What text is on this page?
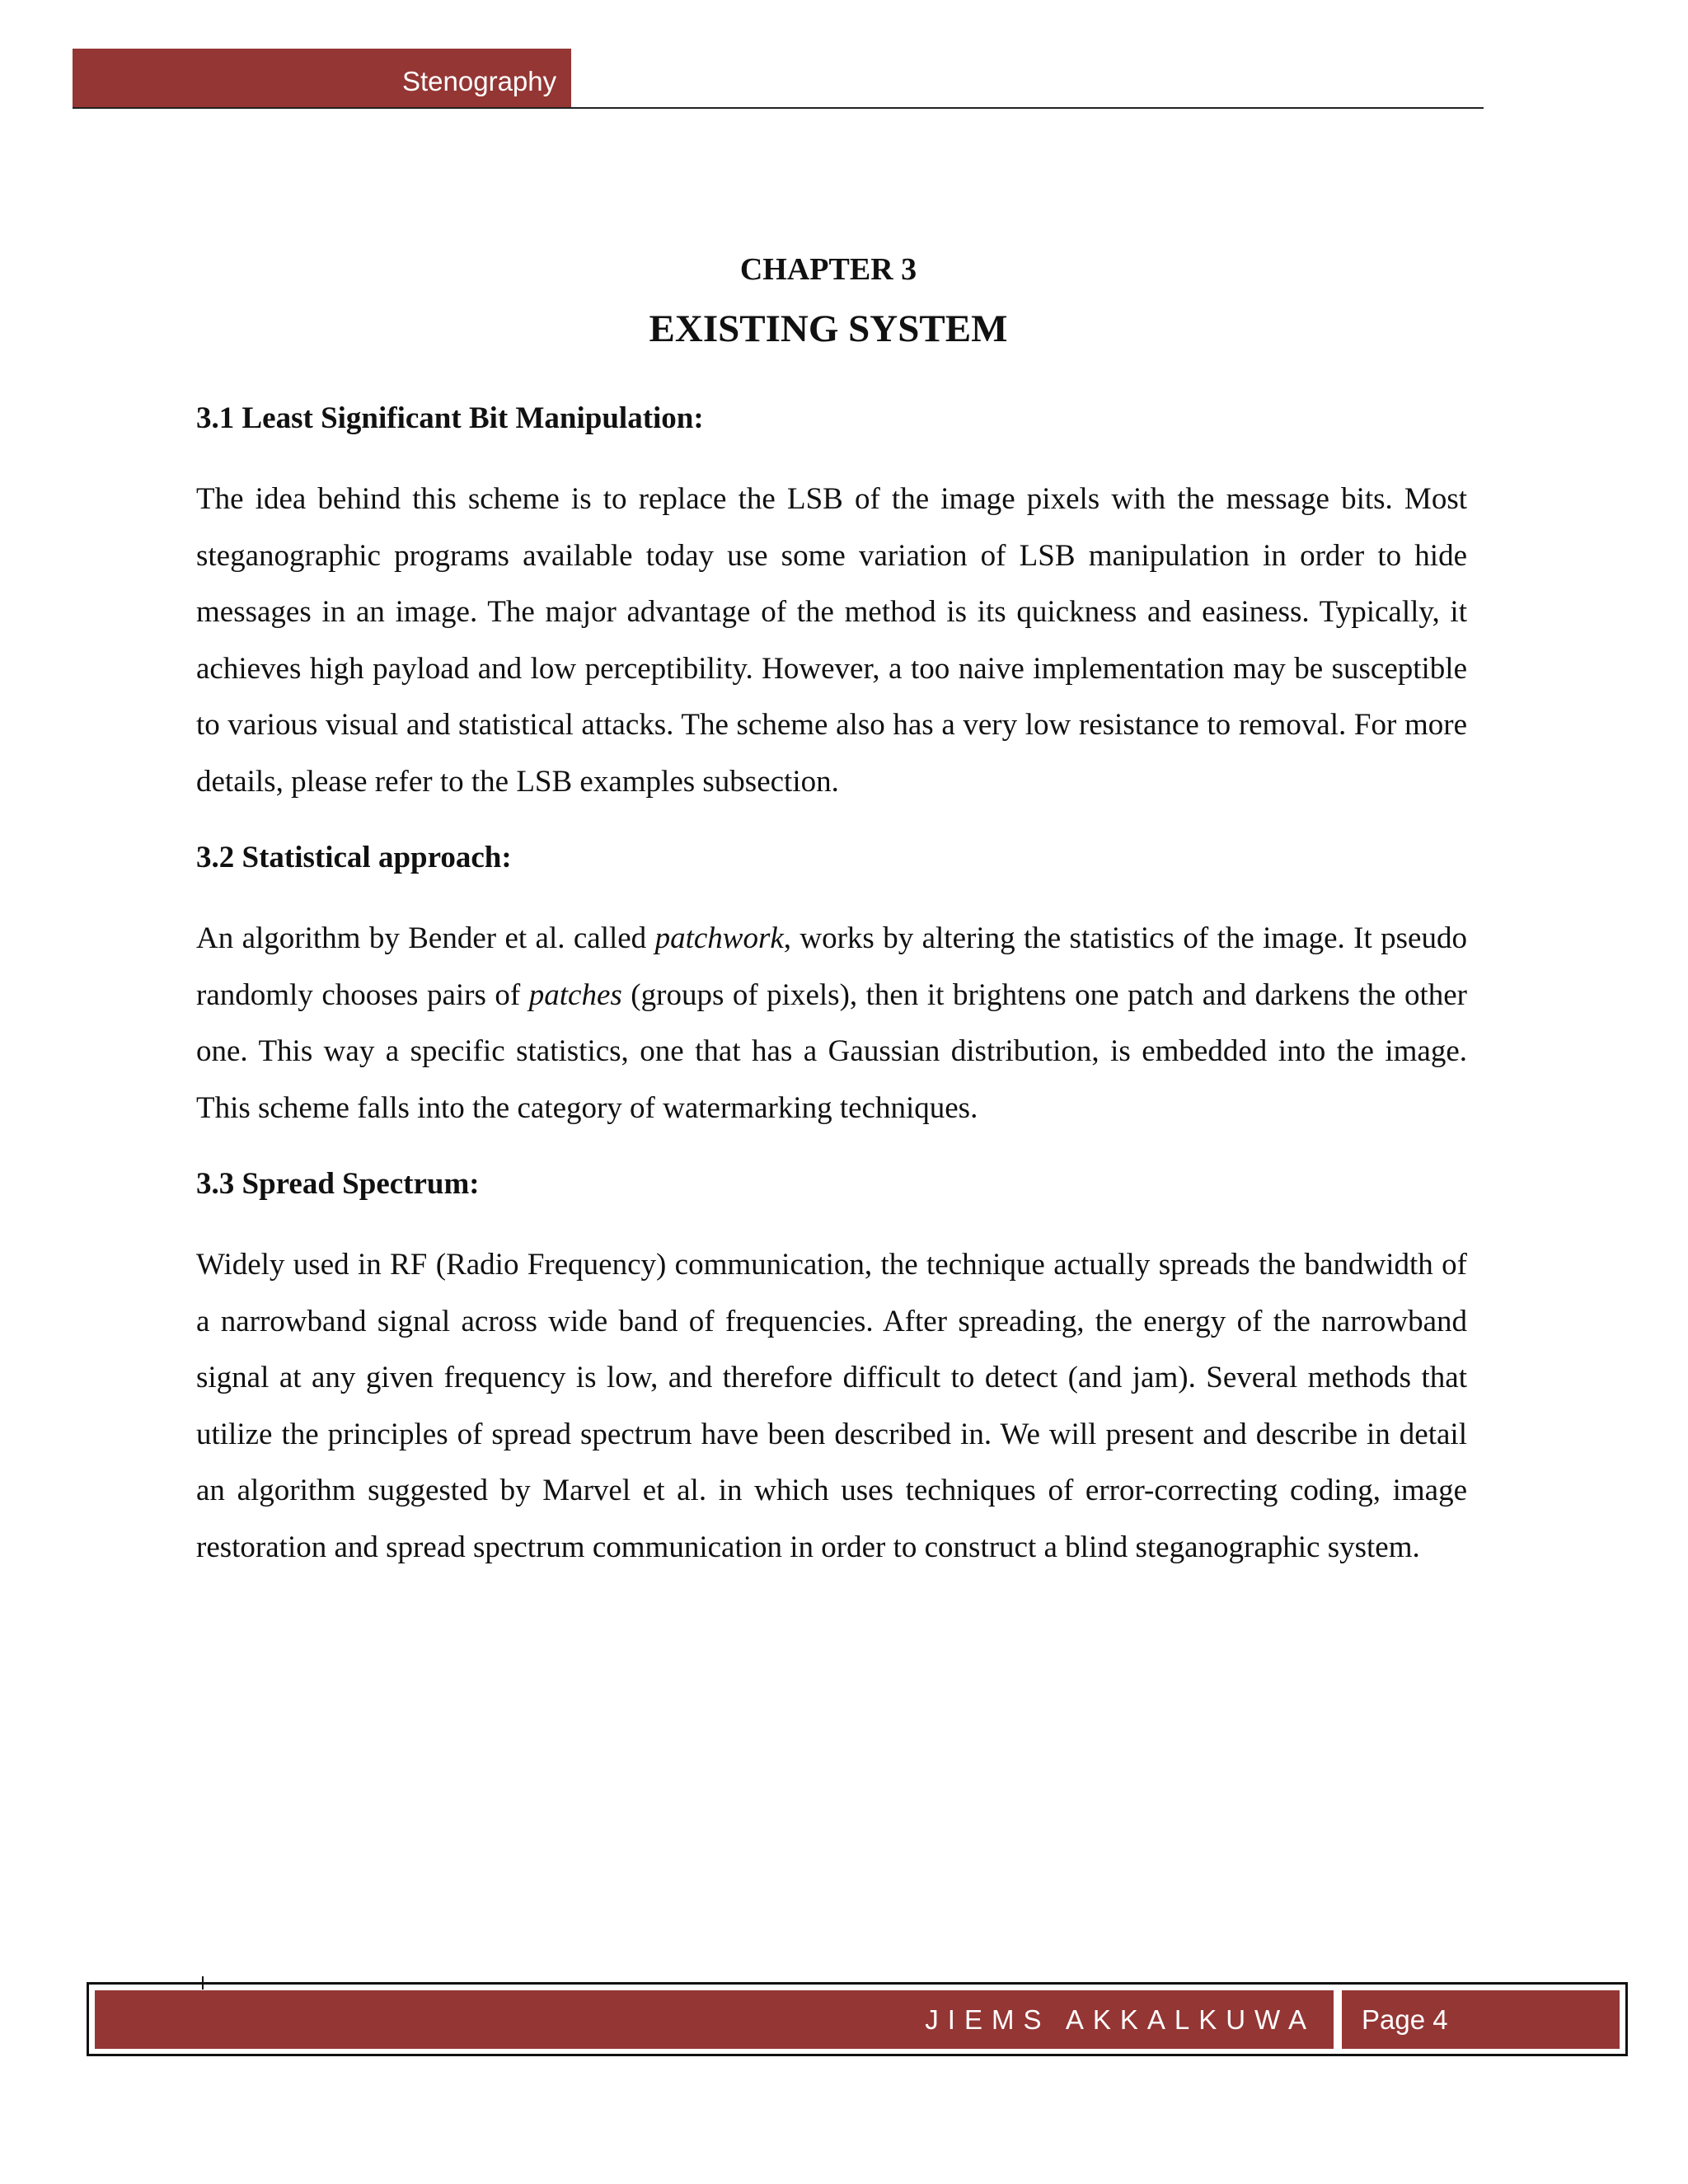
Stenography
CHAPTER 3
EXISTING SYSTEM
3.1 Least Significant Bit Manipulation:

The idea behind this scheme is to replace the LSB of the image pixels with the message bits. Most steganographic programs available today use some variation of LSB manipulation in order to hide messages in an image. The major advantage of the method is its quickness and easiness. Typically, it achieves high payload and low perceptibility. However, a too naive implementation may be susceptible to various visual and statistical attacks. The scheme also has a very low resistance to removal. For more details, please refer to the LSB examples subsection.

3.2 Statistical approach:

An algorithm by Bender et al. called patchwork, works by altering the statistics of the image. It pseudo randomly chooses pairs of patches (groups of pixels), then it brightens one patch and darkens the other one. This way a specific statistics, one that has a Gaussian distribution, is embedded into the image. This scheme falls into the category of watermarking techniques.

3.3 Spread Spectrum:

Widely used in RF (Radio Frequency) communication, the technique actually spreads the bandwidth of a narrowband signal across wide band of frequencies. After spreading, the energy of the narrowband signal at any given frequency is low, and therefore difficult to detect (and jam). Several methods that utilize the principles of spread spectrum have been described in. We will present and describe in detail an algorithm suggested by Marvel et al. in which uses techniques of error-correcting coding, image restoration and spread spectrum communication in order to construct a blind steganographic system.

JIEMS AKKALKUWA	Page 4
